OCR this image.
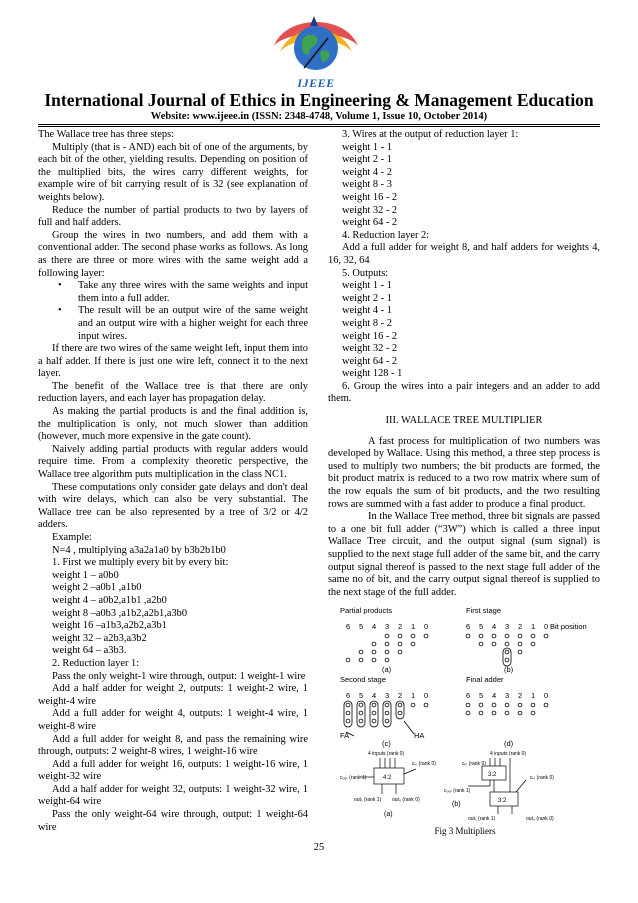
IJEEE
International Journal of Ethics in Engineering & Management Education
Website: www.ijeee.in (ISSN: 2348-4748, Volume 1, Issue 10, October 2014)

The Wallace tree has three steps:

Multiply (that is - AND) each bit of one of the arguments, by each bit of the other, yielding results. Depending on position of the multiplied bits, the wires carry different weights, for example wire of bit carrying result of is 32 (see explanation of weights below).

Reduce the number of partial products to two by layers of full and half adders.

Group the wires in two numbers, and add them with a conventional adder. The second phase works as follows. As long as there are three or more wires with the same weight add a following layer:

• Take any three wires with the same weights and input them into a full adder.
• The result will be an output wire of the same weight and an output wire with a higher weight for each three input wires.

If there are two wires of the same weight left, input them into a half adder. If there is just one wire left, connect it to the next layer.

The benefit of the Wallace tree is that there are only reduction layers, and each layer has propagation delay.

As making the partial products is and the final addition is, the multiplication is only, not much slower than addition (however, much more expensive in the gate count).

Naively adding partial products with regular adders would require time. From a complexity theoretic perspective, the Wallace tree algorithm puts multiplication in the class NC1.

These computations only consider gate delays and don't deal with wire delays, which can also be very substantial. The Wallace tree can be also represented by a tree of 3/2 or 4/2 adders.

Example:

N=4 , multiplying a3a2a1a0 by b3b2b1b0

1. First we multiply every bit by every bit:

weight 1 – a0b0

weight 2 –a0b1 ,a1b0

weight 4 – a0b2,a1b1 ,a2b0

weight 8 –a0b3 ,a1b2,a2b1,a3b0

weight 16 –a1b3,a2b2,a3b1

weight 32 – a2b3,a3b2

weight 64 – a3b3.

2. Reduction layer 1:

Pass the only weight-1 wire through, output: 1 weight-1 wire

Add a half adder for weight 2, outputs: 1 weight-2 wire, 1 weight-4 wire

Add a full adder for weight 4, outputs: 1 weight-4 wire, 1 weight-8 wire

Add a full adder for weight 8, and pass the remaining wire through, outputs: 2 weight-8 wires, 1 weight-16 wire

Add a full adder for weight 16, outputs: 1 weight-16 wire, 1 weight-32 wire

Add a half adder for weight 32, outputs: 1 weight-32 wire, 1 weight-64 wire

Pass the only weight-64 wire through, output: 1 weight-64 wire

3. Wires at the output of reduction layer 1:

weight 1 - 1

weight 2 - 1

weight 4 - 2

weight 8 - 3

weight 16 - 2

weight 32 - 2

weight 64 - 2

4. Reduction layer 2:

Add a full adder for weight 8, and half adders for weights 4, 16, 32, 64

5. Outputs:

weight 1 - 1

weight 2 - 1

weight 4 - 1

weight 8 - 2

weight 16 - 2

weight 32 - 2

weight 64 - 2

weight 128 - 1

6. Group the wires into a pair integers and an adder to add them.

III. WALLACE TREE MULTIPLIER

A fast process for multiplication of two numbers was developed by Wallace. Using this method, a three step process is used to multiply two numbers; the bit products are formed, the bit product matrix is reduced to a two row matrix where sum of the row equals the sum of bit products, and the two resulting rows are summed with a fast adder to produce a final product.

In the Wallace Tree method, three bit signals are passed to a one bit full adder (“3W”) which is called a three input Wallace Tree circuit, and the output signal (sum signal) is supplied to the next stage full adder of the same bit, and the carry output signal thereof is passed to the next stage full adder of the same no of bit, and the carry output signal thereof is supplied to the next stage of the full adder.

Partial products	First stage
Bit position
Second stage	Final adder
6 5 4 3 2 1 0	6 5 4 3 2 1 0
6 5 4 3 2 1 0	6 5 4 3 2 1 0
(a)	(b)
FA	HA
(c)	(d)
4 inputs (rank 0)
cᵢₙ (rank 0)
cₒᵤₜ (rank 1)	4:2
out₁ (rank 1) out₀ (rank 0)
4 inputs (rank 0)
3:2
cᵢₙ (rank 0)
cᵢₙ (rank 0)
cₒᵤₜ (rank 1)
3:2
out₁ (rank 1)	out₀ (rank 0)
(a)
(b)
Fig 3 Multipliers
25
